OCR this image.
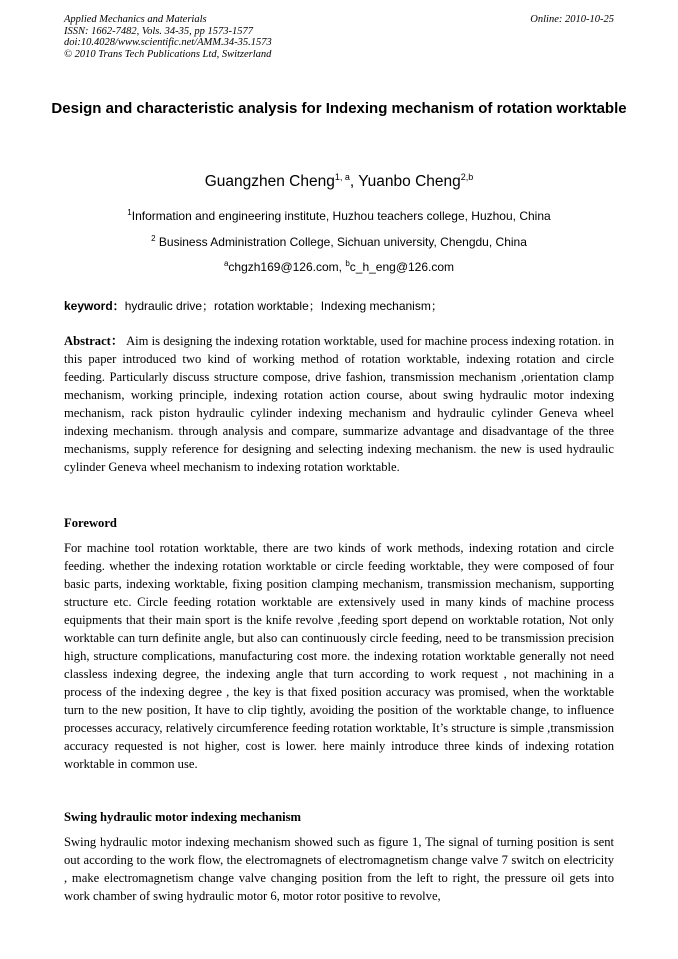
Applied Mechanics and Materials
ISSN: 1662-7482, Vols. 34-35, pp 1573-1577
doi:10.4028/www.scientific.net/AMM.34-35.1573
© 2010 Trans Tech Publications Ltd, Switzerland
Online: 2010-10-25
Design and characteristic analysis for Indexing mechanism of rotation worktable
Guangzhen Cheng$^{1, a}$, Yuanbo Cheng$^{2,b}$
$^1$Information and engineering institute, Huzhou teachers college, Huzhou, China
$^2$ Business Administration College, Sichuan university, Chengdu, China
$^a$chgzh169@126.com, $^b$c_h_eng@126.com
keyword：hydraulic drive；rotation worktable；Indexing mechanism；
Abstract： Aim is designing the indexing rotation worktable, used for machine process indexing rotation. in this paper introduced two kind of working method of rotation worktable, indexing rotation and circle feeding. Particularly discuss structure compose, drive fashion, transmission mechanism ,orientation clamp mechanism, working principle, indexing rotation action course, about swing hydraulic motor indexing mechanism, rack piston hydraulic cylinder indexing mechanism and hydraulic cylinder Geneva wheel indexing mechanism. through analysis and compare, summarize advantage and disadvantage of the three mechanisms, supply reference for designing and selecting indexing mechanism. the new is used hydraulic cylinder Geneva wheel mechanism to indexing rotation worktable.
Foreword
For machine tool rotation worktable, there are two kinds of work methods, indexing rotation and circle feeding. whether the indexing rotation worktable or circle feeding worktable, they were composed of four basic parts, indexing worktable, fixing position clamping mechanism, transmission mechanism, supporting structure etc. Circle feeding rotation worktable are extensively used in many kinds of machine process equipments that their main sport is the knife revolve ,feeding sport depend on worktable rotation, Not only worktable can turn definite angle, but also can continuously circle feeding, need to be transmission precision high, structure complications, manufacturing cost more. the indexing rotation worktable generally not need classless indexing degree, the indexing angle that turn according to work request , not machining in a process of the indexing degree , the key is that fixed position accuracy was promised, when the worktable turn to the new position, It have to clip tightly, avoiding the position of the worktable change, to influence processes accuracy, relatively circumference feeding rotation worktable, It’s structure is simple ,transmission accuracy requested is not higher, cost is lower. here mainly introduce three kinds of indexing rotation worktable in common use.
Swing hydraulic motor indexing mechanism
Swing hydraulic motor indexing mechanism showed such as figure 1, The signal of turning position is sent out according to the work flow, the electromagnets of electromagnetism change valve 7 switch on electricity , make electromagnetism change valve changing position from the left to right, the pressure oil gets into work chamber of swing hydraulic motor 6, motor rotor positive to revolve,
